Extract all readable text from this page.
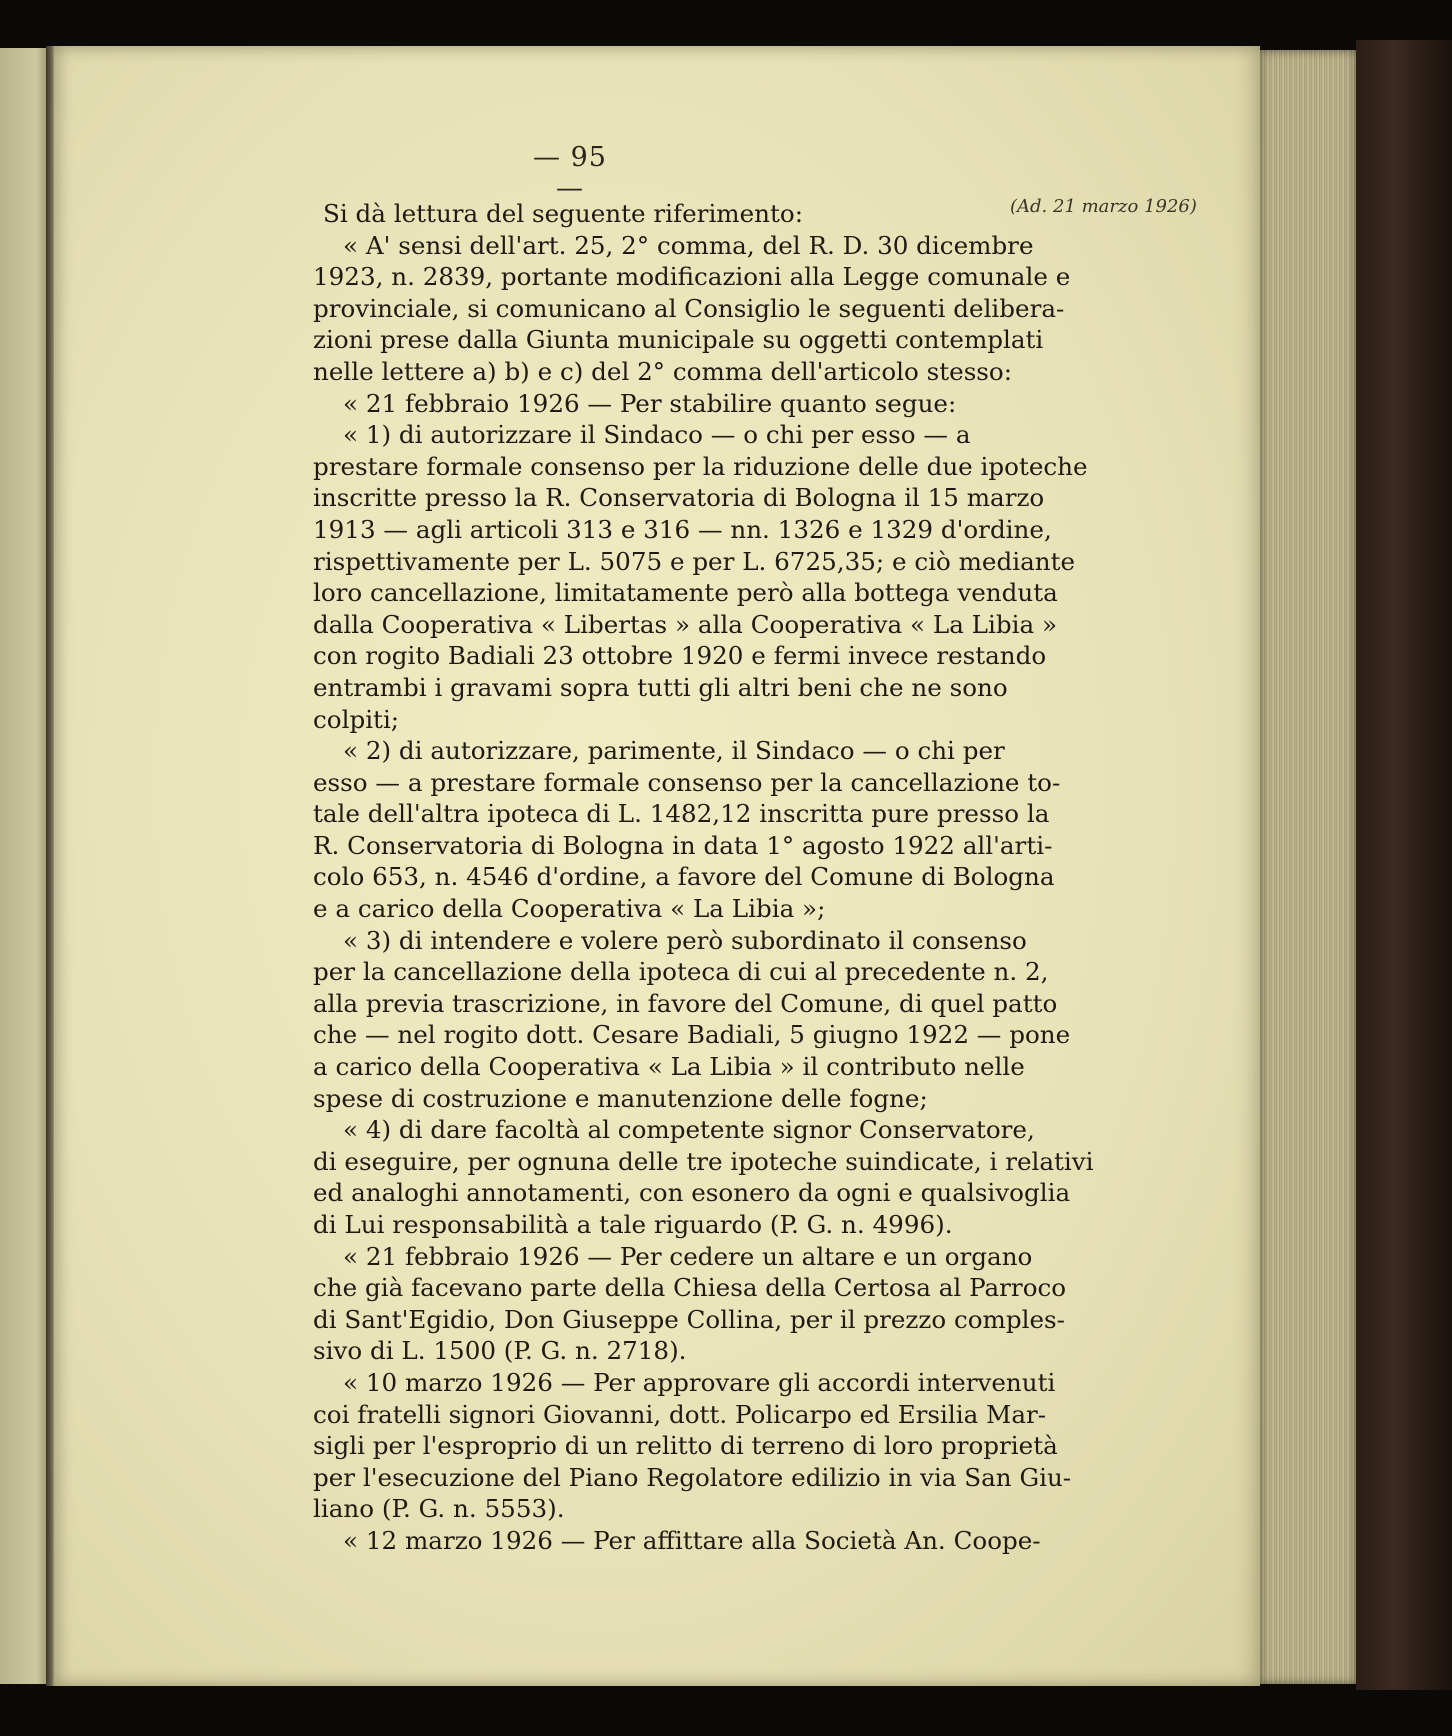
— 95 —
(Ad. 21 marzo 1926)
Si dà lettura del seguente riferimento:
« A' sensi dell'art. 25, 2° comma, del R. D. 30 dicembre
1923, n. 2839, portante modificazioni alla Legge comunale e
provinciale, si comunicano al Consiglio le seguenti delibera-
zioni prese dalla Giunta municipale su oggetti contemplati
nelle lettere a) b) e c) del 2° comma dell'articolo stesso:
« 21 febbraio 1926 — Per stabilire quanto segue:
« 1) di autorizzare il Sindaco — o chi per esso — a
prestare formale consenso per la riduzione delle due ipoteche
inscritte presso la R. Conservatoria di Bologna il 15 marzo
1913 — agli articoli 313 e 316 — nn. 1326 e 1329 d'ordine,
rispettivamente per L. 5075 e per L. 6725,35; e ciò mediante
loro cancellazione, limitatamente però alla bottega venduta
dalla Cooperativa « Libertas » alla Cooperativa « La Libia »
con rogito Badiali 23 ottobre 1920 e fermi invece restando
entrambi i gravami sopra tutti gli altri beni che ne sono
colpiti;
« 2) di autorizzare, parimente, il Sindaco — o chi per
esso — a prestare formale consenso per la cancellazione to-
tale dell'altra ipoteca di L. 1482,12 inscritta pure presso la
R. Conservatoria di Bologna in data 1° agosto 1922 all'arti-
colo 653, n. 4546 d'ordine, a favore del Comune di Bologna
e a carico della Cooperativa « La Libia »;
« 3) di intendere e volere però subordinato il consenso
per la cancellazione della ipoteca di cui al precedente n. 2,
alla previa trascrizione, in favore del Comune, di quel patto
che — nel rogito dott. Cesare Badiali, 5 giugno 1922 — pone
a carico della Cooperativa « La Libia » il contributo nelle
spese di costruzione e manutenzione delle fogne;
« 4) di dare facoltà al competente signor Conservatore,
di eseguire, per ognuna delle tre ipoteche suindicate, i relativi
ed analoghi annotamenti, con esonero da ogni e qualsivoglia
di Lui responsabilità a tale riguardo (P. G. n. 4996).
« 21 febbraio 1926 — Per cedere un altare e un organo
che già facevano parte della Chiesa della Certosa al Parroco
di Sant'Egidio, Don Giuseppe Collina, per il prezzo comples-
sivo di L. 1500 (P. G. n. 2718).
« 10 marzo 1926 — Per approvare gli accordi intervenuti
coi fratelli signori Giovanni, dott. Policarpo ed Ersilia Mar-
sigli per l'esproprio di un relitto di terreno di loro proprietà
per l'esecuzione del Piano Regolatore edilizio in via San Giu-
liano (P. G. n. 5553).
« 12 marzo 1926 — Per affittare alla Società An. Coope-
